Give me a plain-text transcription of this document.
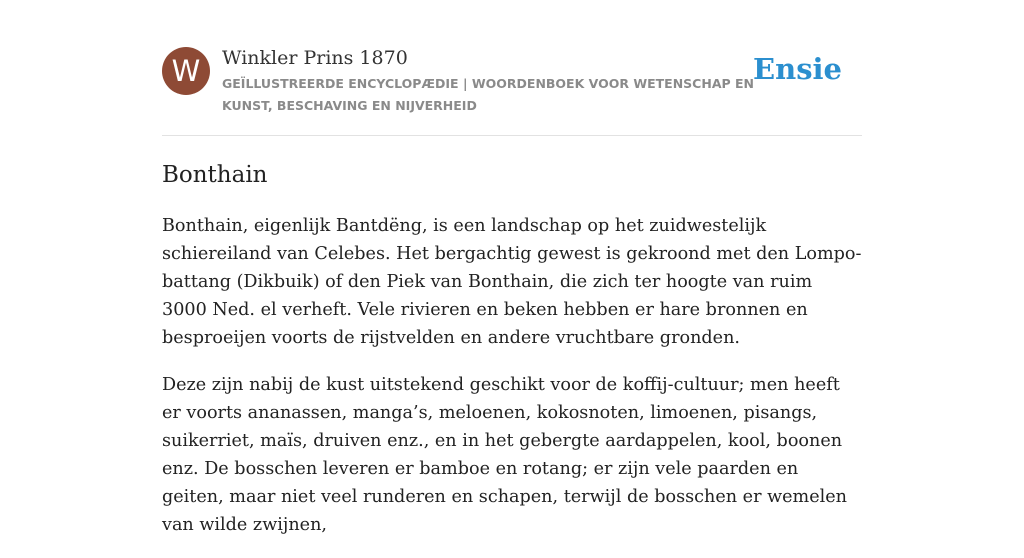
W	Winkler Prins 1870
GEÏLLUSTREERDE ENCYCLOPÆDIE | WOORDENBOEK VOOR WETENSCHAP EN KUNST, BESCHAVING EN NIJVERHEID
Ensie
Bonthain

Bonthain, eigenlijk Bantdëng, is een landschap op het zuidwestelijk schiereiland van Celebes. Het bergachtig gewest is gekroond met den Lompo-battang (Dikbuik) of den Piek van Bonthain, die zich ter hoogte van ruim 3000 Ned. el verheft. Vele rivieren en beken hebben er hare bronnen en besproeijen voorts de rijstvelden en andere vruchtbare gronden.

Deze zijn nabij de kust uitstekend geschikt voor de koffij-cultuur; men heeft er voorts ananassen, manga’s, meloenen, kokosnoten, limoenen, pisangs, suikerriet, maïs, druiven enz., en in het gebergte aardappelen, kool, boonen enz. De bosschen leveren er bamboe en rotang; er zijn vele paarden en geiten, maar niet veel runderen en schapen, terwijl de bosschen er wemelen van wilde zwijnen,
